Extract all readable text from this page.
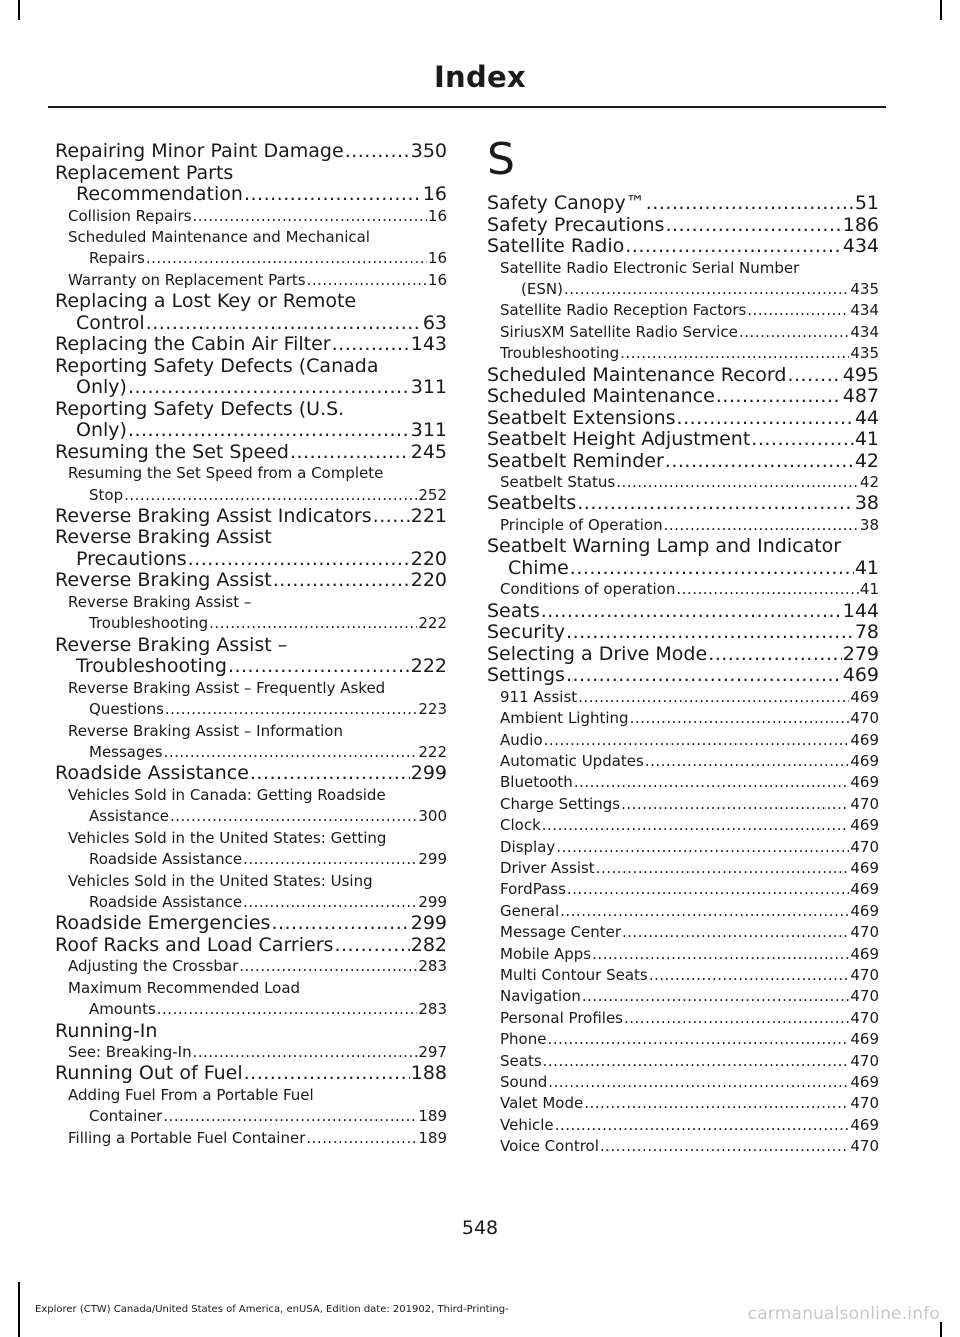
Index
Repairing Minor Paint Damage .....	350
Replacement Parts
Recommendation .....	16
Collision Repairs .....	16
Scheduled Maintenance and Mechanical
Repairs .....	16
Warranty on Replacement Parts .....	16
Replacing a Lost Key or Remote
Control .....	63
Replacing the Cabin Air Filter .....	143
Reporting Safety Defects (Canada
Only) .....	311
Reporting Safety Defects (U.S.
Only) .....	311
Resuming the Set Speed .....	245
Resuming the Set Speed from a Complete
Stop .....	252
Reverse Braking Assist Indicators ..... 221
Reverse Braking Assist
Precautions .....	220
Reverse Braking Assist .....	220
Reverse Braking Assist –
Troubleshooting .....	222
Reverse Braking Assist –
Troubleshooting .....	222
Reverse Braking Assist – Frequently Asked
Questions .....	223
Reverse Braking Assist – Information
Messages .....	222
Roadside Assistance .....	299
Vehicles Sold in Canada: Getting Roadside
Assistance .....	300
Vehicles Sold in the United States: Getting
Roadside Assistance .....	299
Vehicles Sold in the United States: Using
Roadside Assistance .....	299
Roadside Emergencies .....	299
Roof Racks and Load Carriers .....	282
Adjusting the Crossbar .....	283
Maximum Recommended Load
Amounts .....	283
Running-In
See: Breaking-In .....	297
Running Out of Fuel .....	188
Adding Fuel From a Portable Fuel
Container .....	189
Filling a Portable Fuel Container .....	189
S
Safety Canopy™ .....	51
Safety Precautions .....	186
Satellite Radio .....	434
Satellite Radio Electronic Serial Number
(ESN) .....	435
Satellite Radio Reception Factors .....	434
SiriusXM Satellite Radio Service .....	434
Troubleshooting .....	435
Scheduled Maintenance Record .....	495
Scheduled Maintenance .....	487
Seatbelt Extensions .....	44
Seatbelt Height Adjustment .....	41
Seatbelt Reminder .....	42
Seatbelt Status .....	42
Seatbelts .....	38
Principle of Operation .....	38
Seatbelt Warning Lamp and Indicator
Chime .....	41
Conditions of operation .....	41
Seats .....	144
Security .....	78
Selecting a Drive Mode .....	279
Settings .....	469
911 Assist .....	469
Ambient Lighting .....	470
Audio .....	469
Automatic Updates .....	469
Bluetooth .....	469
Charge Settings .....	470
Clock .....	469
Display .....	470
Driver Assist .....	469
FordPass .....	469
General .....	469
Message Center .....	470
Mobile Apps .....	469
Multi Contour Seats .....	470
Navigation .....	470
Personal Profiles .....	470
Phone .....	469
Seats .....	470
Sound .....	469
Valet Mode .....	470
Vehicle .....	469
Voice Control .....	470
548
Explorer (CTW) Canada/United States of America, enUSA, Edition date: 201902, Third-Printing-	carmanualsonline.info
